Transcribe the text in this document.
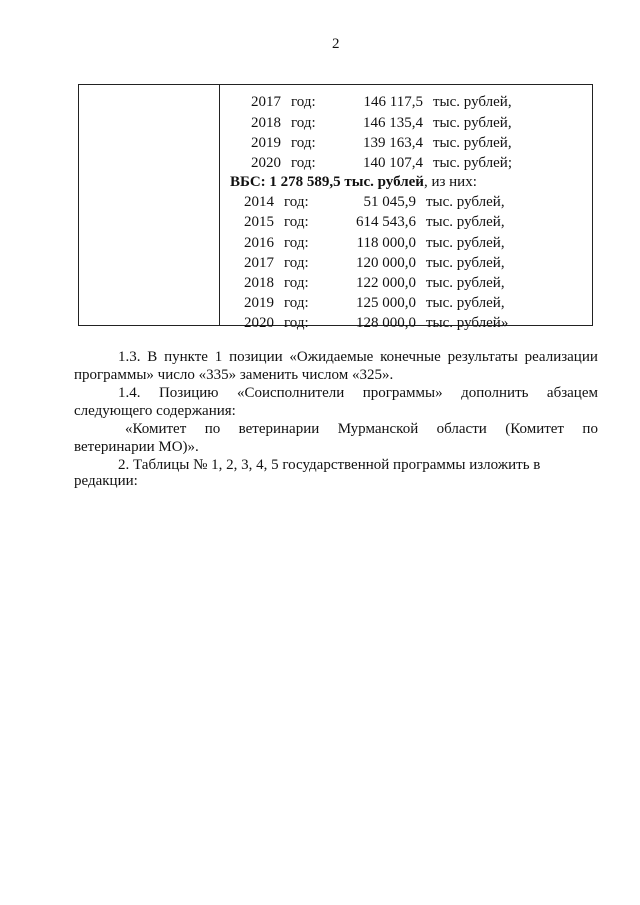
2
2017 год:	146 117,5 тыс. рублей,
2018 год:	146 135,4 тыс. рублей,
2019 год:	139 163,4 тыс. рублей,
2020 год:	140 107,4 тыс. рублей;
ВБС: 1 278 589,5 тыс. рублей, из них:
2014 год:	51 045,9 тыс. рублей,
2015 год:	614 543,6 тыс. рублей,
2016 год:	118 000,0 тыс. рублей,
2017 год:	120 000,0 тыс. рублей,
2018 год:	122 000,0 тыс. рублей,
2019 год:	125 000,0 тыс. рублей,
2020 год:	128 000,0 тыс. рублей»
1.3. В пункте 1 позиции «Ожидаемые конечные результаты реализации
программы» число «335» заменить числом «325».
1.4. Позицию «Соисполнители программы» дополнить абзацем
следующего содержания:
«Комитет по ветеринарии Мурманской области (Комитет по
ветеринарии МО)».
2. Таблицы № 1, 2, 3, 4, 5 государственной программы изложить в
редакции:
